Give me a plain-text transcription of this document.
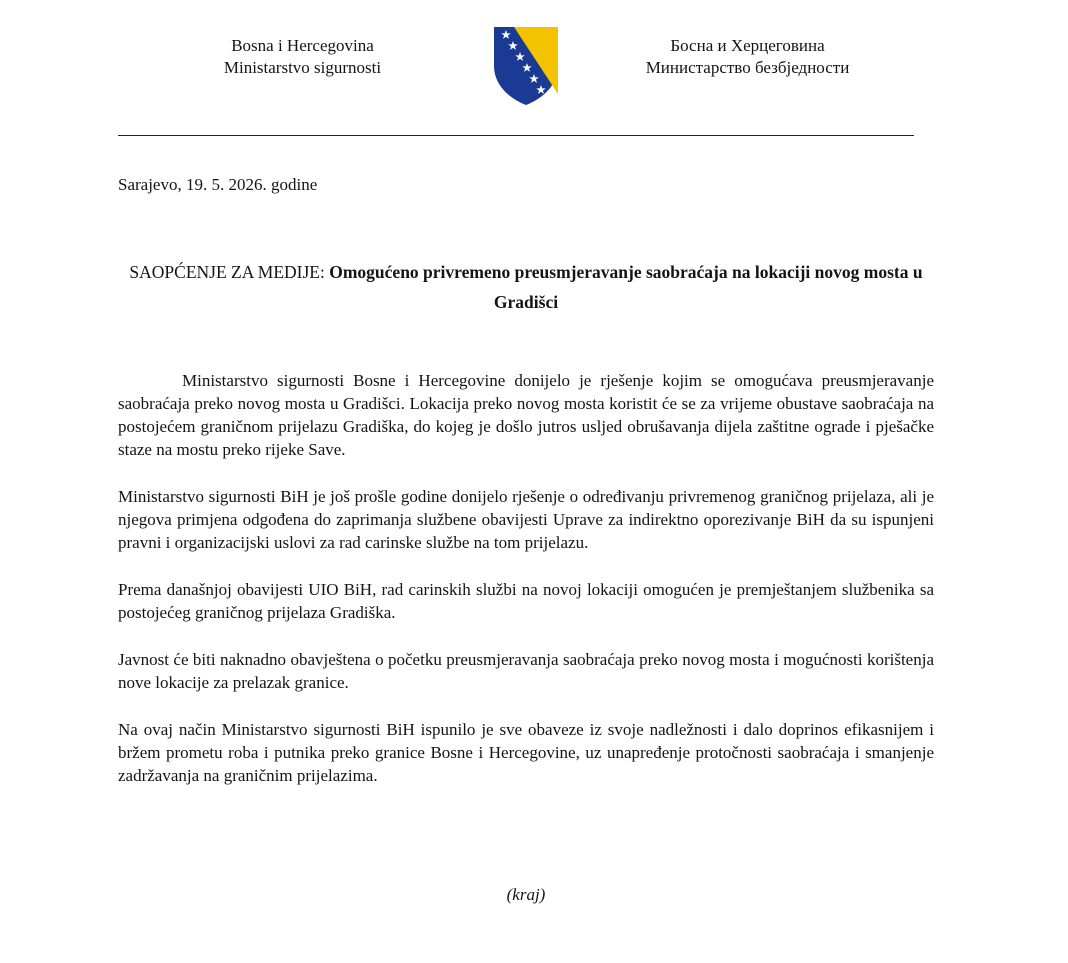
Bosna i Hercegovina
Ministarstvo sigurnosti
Босна и Херцеговина
Министарство безбједности
Sarajevo, 19. 5. 2026. godine
SAOPĆENJE ZA MEDIJE: Omogućeno privremeno preusmjeravanje saobraćaja na lokaciji novog mosta u Gradišci

Ministarstvo sigurnosti Bosne i Hercegovine donijelo je rješenje kojim se omogućava preusmjeravanje saobraćaja preko novog mosta u Gradišci. Lokacija preko novog mosta koristit će se za vrijeme obustave saobraćaja na postojećem graničnom prijelazu Gradiška, do kojeg je došlo jutros usljed obrušavanja dijela zaštitne ograde i pješačke staze na mostu preko rijeke Save.

Ministarstvo sigurnosti BiH je još prošle godine donijelo rješenje o određivanju privremenog graničnog prijelaza, ali je njegova primjena odgođena do zaprimanja službene obavijesti Uprave za indirektno oporezivanje BiH da su ispunjeni pravni i organizacijski uslovi za rad carinske službe na tom prijelazu.

Prema današnjoj obavijesti UIO BiH, rad carinskih službi na novoj lokaciji omogućen je premještanjem službenika sa postojećeg graničnog prijelaza Gradiška.

Javnost će biti naknadno obavještena o početku preusmjeravanja saobraćaja preko novog mosta i mogućnosti korištenja nove lokacije za prelazak granice.

Na ovaj način Ministarstvo sigurnosti BiH ispunilo je sve obaveze iz svoje nadležnosti i dalo doprinos efikasnijem i bržem prometu roba i putnika preko granice Bosne i Hercegovine, uz unapređenje protočnosti saobraćaja i smanjenje zadržavanja na graničnim prijelazima.

(kraj)
